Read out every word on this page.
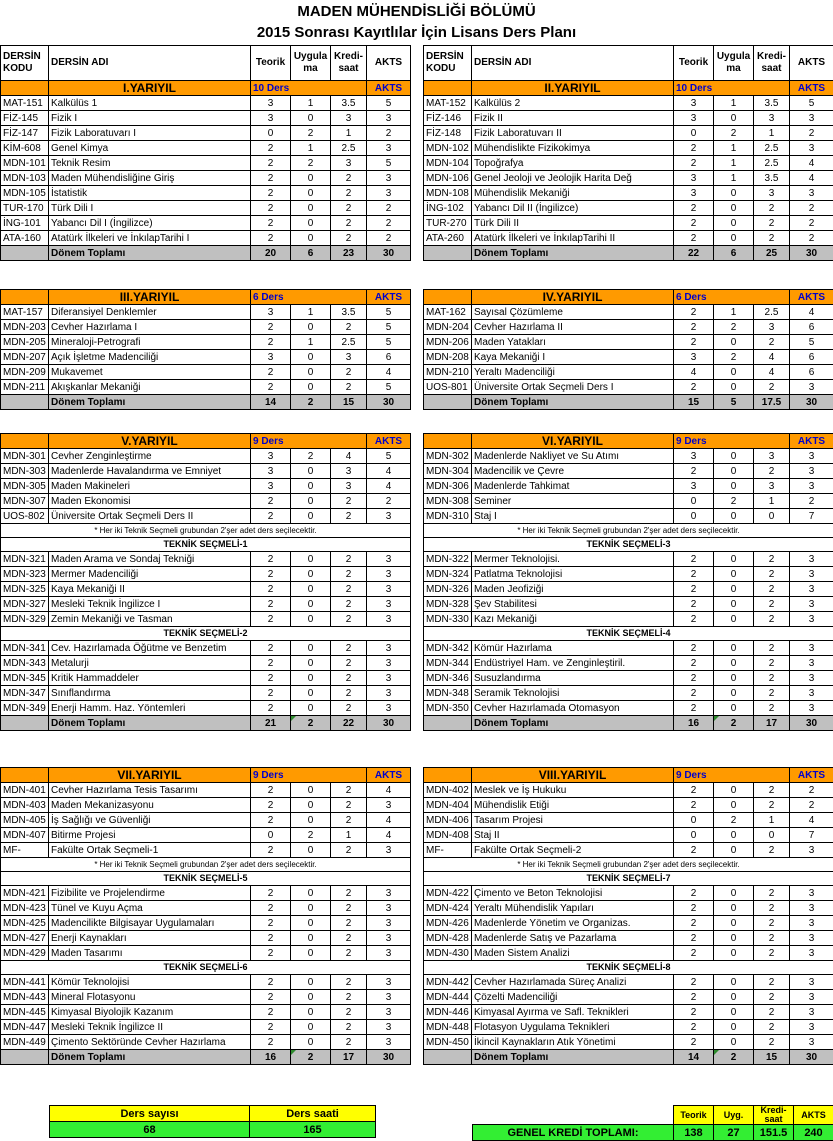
MADEN MÜHENDİSLİĞİ BÖLÜMÜ
2015 Sonrası Kayıtlılar İçin Lisans Ders Planı
DERSİN KODU	DERSİN ADI	Teorik	Uygula ma	Kredi- saat	AKTS
	I.YARIYIL	10 Ders			AKTS
MAT-151	Kalkülüs 1	3	1	3.5	5
FİZ-145	Fizik I	3	0	3	3
FİZ-147	Fizik Laboratuvarı I	0	2	1	2
KİM-608	Genel Kimya	2	1	2.5	3
MDN-101	Teknik Resim	2	2	3	5
MDN-103	Maden Mühendisliğine Giriş	2	0	2	3
MDN-105	İstatistik	2	0	2	3
TUR-170	Türk Dili I	2	0	2	2
İNG-101	Yabancı Dil I (İngilizce)	2	0	2	2
ATA-160	Atatürk İlkeleri ve İnkılapTarihi I	2	0	2	2
	Dönem Toplamı	20	6	23	30
DERSİN KODU	DERSİN ADI	Teorik	Uygula ma	Kredi- saat	AKTS
	II.YARIYIL	10 Ders			AKTS
MAT-152	Kalkülüs 2	3	1	3.5	5
FİZ-146	Fizik II	3	0	3	3
FİZ-148	Fizik Laboratuvarı II	0	2	1	2
MDN-102	Mühendislikte Fizikokimya	2	1	2.5	3
MDN-104	Topoğrafya	2	1	2.5	4
MDN-106	Genel Jeoloji ve Jeolojik Harita Değ	3	1	3.5	4
MDN-108	Mühendislik Mekaniği	3	0	3	3
İNG-102	Yabancı Dil II (İngilizce)	2	0	2	2
TUR-270	Türk Dili II	2	0	2	2
ATA-260	Atatürk İlkeleri ve İnkılapTarihi II	2	0	2	2
	Dönem Toplamı	22	6	25	30
	III.YARIYIL	6 Ders			AKTS
MAT-157	Diferansiyel Denklemler	3	1	3.5	5
MDN-203	Cevher Hazırlama I	2	0	2	5
MDN-205	Mineraloji-Petrografi	2	1	2.5	5
MDN-207	Açık İşletme Madenciliği	3	0	3	6
MDN-209	Mukavemet	2	0	2	4
MDN-211	Akışkanlar Mekaniği	2	0	2	5
	Dönem Toplamı	14	2	15	30
	IV.YARIYIL	6 Ders			AKTS
MAT-162	Sayısal Çözümleme	2	1	2.5	4
MDN-204	Cevher Hazırlama II	2	2	3	6
MDN-206	Maden Yatakları	2	0	2	5
MDN-208	Kaya Mekaniği I	3	2	4	6
MDN-210	Yeraltı Madenciliği	4	0	4	6
UOS-801	Üniversite Ortak Seçmeli Ders I	2	0	2	3
	Dönem Toplamı	15	5	17.5	30
	V.YARIYIL	9 Ders			AKTS
MDN-301	Cevher Zenginleştirme	3	2	4	5
MDN-303	Madenlerde Havalandırma ve Emniyet	3	0	3	4
MDN-305	Maden Makineleri	3	0	3	4
MDN-307	Maden Ekonomisi	2	0	2	2
UOS-802	Üniversite Ortak Seçmeli Ders II	2	0	2	3
* Her iki Teknik Seçmeli grubundan 2'şer adet ders seçilecektir.					
TEKNİK SEÇMELİ-1					
MDN-321	Maden Arama ve Sondaj Tekniği	2	0	2	3
MDN-323	Mermer Madenciliği	2	0	2	3
MDN-325	Kaya Mekaniği II	2	0	2	3
MDN-327	Mesleki Teknik İngilizce I	2	0	2	3
MDN-329	Zemin Mekaniği ve Tasman	2	0	2	3
TEKNİK SEÇMELİ-2					
MDN-341	Cev. Hazırlamada Öğütme ve Benzetim	2	0	2	3
MDN-343	Metalurji	2	0	2	3
MDN-345	Kritik Hammaddeler	2	0	2	3
MDN-347	Sınıflandırma	2	0	2	3
MDN-349	Enerji Hamm. Haz. Yöntemleri	2	0	2	3
	Dönem Toplamı	21	2	22	30
	VI.YARIYIL	9 Ders			AKTS
MDN-302	Madenlerde Nakliyet ve Su Atımı	3	0	3	3
MDN-304	Madencilik ve Çevre	2	0	2	3
MDN-306	Madenlerde Tahkimat	3	0	3	3
MDN-308	Seminer	0	2	1	2
MDN-310	Staj I	0	0	0	7
* Her iki Teknik Seçmeli grubundan 2'şer adet ders seçilecektir.					
TEKNİK SEÇMELİ-3					
MDN-322	Mermer Teknolojisi.	2	0	2	3
MDN-324	Patlatma Teknolojisi	2	0	2	3
MDN-326	Maden Jeofiziği	2	0	2	3
MDN-328	Şev Stabilitesi	2	0	2	3
MDN-330	Kazı Mekaniği	2	0	2	3
TEKNİK SEÇMELİ-4					
MDN-342	Kömür Hazırlama	2	0	2	3
MDN-344	Endüstriyel Ham. ve Zenginleştiril.	2	0	2	3
MDN-346	Susuzlandırma	2	0	2	3
MDN-348	Seramik Teknolojisi	2	0	2	3
MDN-350	Cevher Hazırlamada Otomasyon	2	0	2	3
	Dönem Toplamı	16	2	17	30
	VII.YARIYIL	9 Ders			AKTS
MDN-401	Cevher Hazırlama Tesis Tasarımı	2	0	2	4
MDN-403	Maden Mekanizasyonu	2	0	2	3
MDN-405	İş Sağlığı ve Güvenliği	2	0	2	4
MDN-407	Bitirme Projesi	0	2	1	4
MF-	Fakülte Ortak Seçmeli-1	2	0	2	3
* Her iki Teknik Seçmeli grubundan 2'şer adet ders seçilecektir.					
TEKNİK SEÇMELİ-5					
MDN-421	Fizibilite ve Projelendirme	2	0	2	3
MDN-423	Tünel ve Kuyu Açma	2	0	2	3
MDN-425	Madencilikte Bilgisayar Uygulamaları	2	0	2	3
MDN-427	Enerji Kaynakları	2	0	2	3
MDN-429	Maden Tasarımı	2	0	2	3
TEKNİK SEÇMELİ-6					
MDN-441	Kömür Teknolojisi	2	0	2	3
MDN-443	Mineral Flotasyonu	2	0	2	3
MDN-445	Kimyasal Biyolojik Kazanım	2	0	2	3
MDN-447	Mesleki Teknik İngilizce II	2	0	2	3
MDN-449	Çimento Sektöründe Cevher Hazırlama	2	0	2	3
	Dönem Toplamı	16	2	17	30
	VIII.YARIYIL	9 Ders			AKTS
MDN-402	Meslek ve İş Hukuku	2	0	2	2
MDN-404	Mühendislik Etiği	2	0	2	2
MDN-406	Tasarım Projesi	0	2	1	4
MDN-408	Staj II	0	0	0	7
MF-	Fakülte Ortak Seçmeli-2	2	0	2	3
* Her iki Teknik Seçmeli grubundan 2'şer adet ders seçilecektir.					
TEKNİK SEÇMELİ-7					
MDN-422	Çimento ve Beton Teknolojisi	2	0	2	3
MDN-424	Yeraltı Mühendislik Yapıları	2	0	2	3
MDN-426	Madenlerde Yönetim ve Organizas.	2	0	2	3
MDN-428	Madenlerde Satış ve Pazarlama	2	0	2	3
MDN-430	Maden Sistem Analizi	2	0	2	3
TEKNİK SEÇMELİ-8					
MDN-442	Cevher Hazırlamada Süreç Analizi	2	0	2	3
MDN-444	Çözelti Madenciliği	2	0	2	3
MDN-446	Kimyasal Ayırma ve Safl. Teknikleri	2	0	2	3
MDN-448	Flotasyon Uygulama Teknikleri	2	0	2	3
MDN-450	İkincil Kaynakların Atık Yönetimi	2	0	2	3
	Dönem Toplamı	14	2	15	30
Ders sayısı	Ders saati
68	165
	Teorik	Uyg.	Kredi-saat	AKTS
GENEL KREDİ TOPLAMI:	138	27	151.5	240
